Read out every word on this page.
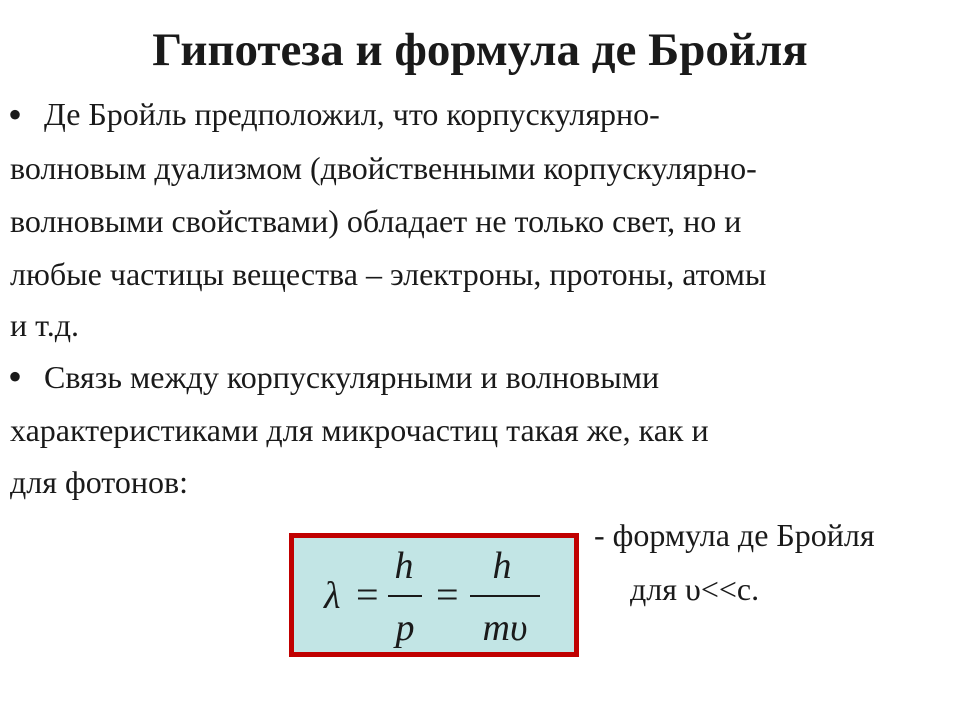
Гипотеза и формула де Бройля
• Де Бройль предположил, что корпускулярно-
волновым дуализмом (двойственными корпускулярно-
волновыми свойствами) обладает не только свет, но и
любые частицы вещества – электроны, протоны, атомы
и т.д.
• Связь между корпускулярными и волновыми
характеристиками для микрочастиц такая же, как и
для фотонов:
λ =
h
p
=
h
mυ
- формула де Бройля
для υ<<c.
